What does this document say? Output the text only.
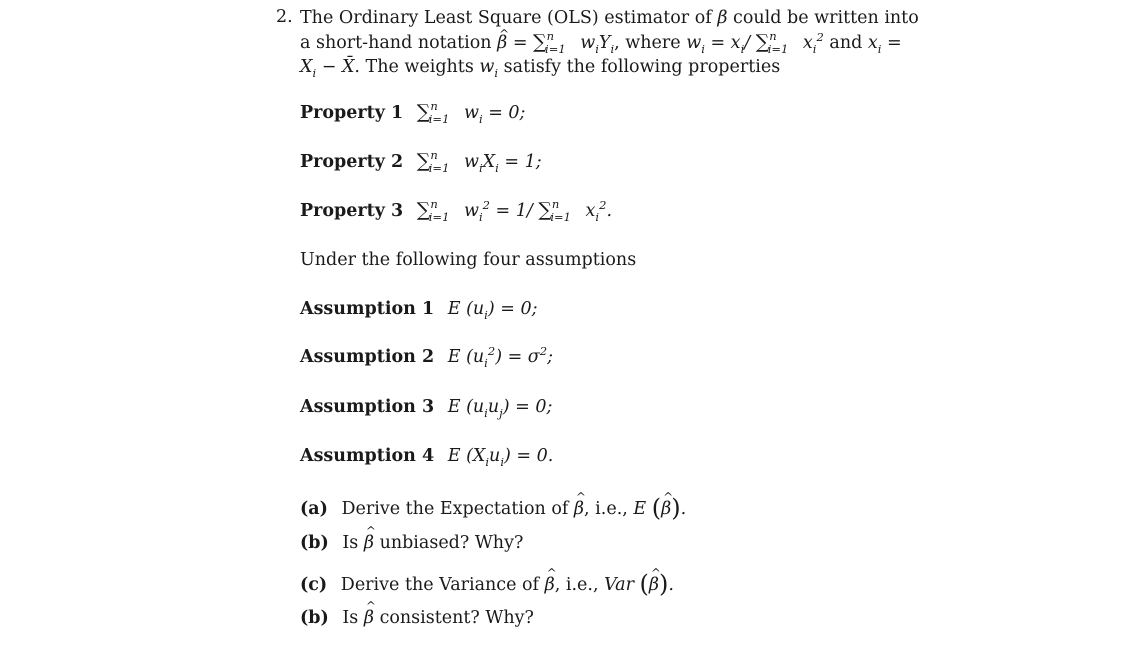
2. The Ordinary Least Square (OLS) estimator of β could be written into

a short-hand notation ^ β = ∑$^n_{i=1}$ $w_iY_i$, where $w_i = x_i/$ ∑$^n_{i=1}$ $x_i^2$ and $x_i$ =

$X_i$ − X̄. The weights $w_i$ satisfy the following properties

Property 1 ∑$^n_{i=1}$ $w_i = 0$;
Property 2 ∑$^n_{i=1}$ $w_iX_i = 1$;
Property 3 ∑$^n_{i=1}$ $w_i^2 = 1/$ ∑$^n_{i=1}$ $x_i^2$.
Under the following four assumptions
Assumption 1 E $(u_i) = 0$;
Assumption 2 E $(u_i^2) = \sigma^2$;
Assumption 3 E $(u_iu_j) = 0$;
Assumption 4 E $(X_iu_i) = 0$.
(a) Derive the Expectation of ^ β, i.e., E (^ β).
(b) Is ^ β unbiased? Why?
(c) Derive the Variance of ^ β, i.e., Var (^ β).
(b) Is ^ β consistent? Why?
